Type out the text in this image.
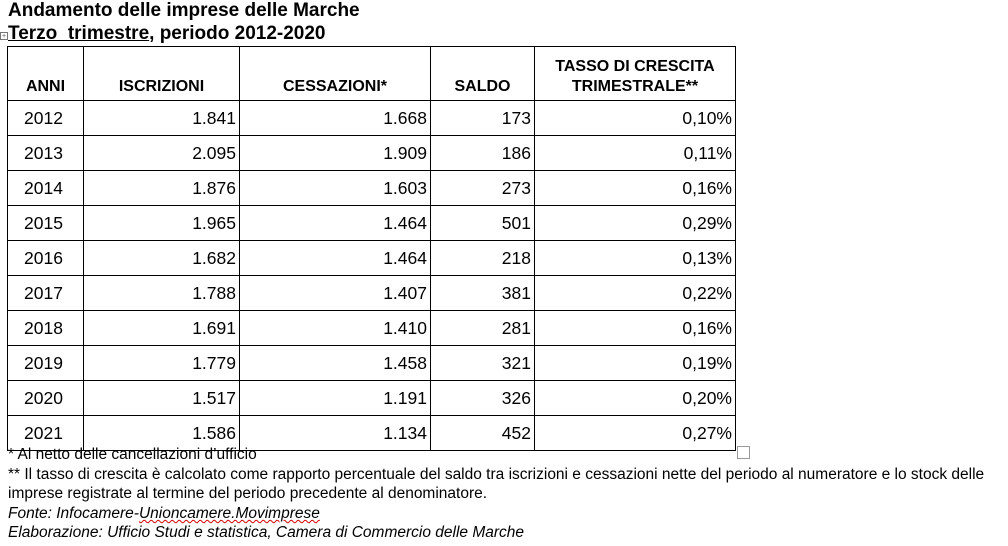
Andamento delle imprese delle Marche
+ Terzo  trimestre, periodo 2012-2020
ANNI	ISCRIZIONI	CESSAZIONI*	SALDO	TASSO DI CRESCITA
TRIMESTRALE**
2012	1.841	1.668	173	0,10%
2013	2.095	1.909	186	0,11%
2014	1.876	1.603	273	0,16%
2015	1.965	1.464	501	0,29%
2016	1.682	1.464	218	0,13%
2017	1.788	1.407	381	0,22%
2018	1.691	1.410	281	0,16%
2019	1.779	1.458	321	0,19%
2020	1.517	1.191	326	0,20%
2021	1.586	1.134	452	0,27%
* Al netto delle cancellazioni d’ufficio
** Il tasso di crescita è calcolato come rapporto percentuale del saldo tra iscrizioni e cessazioni nette del periodo al numeratore e lo stock delle
imprese registrate al termine del periodo precedente al denominatore.
Fonte: Infocamere-Unioncamere.Movimprese
Elaborazione: Ufficio Studi e statistica, Camera di Commercio delle Marche
